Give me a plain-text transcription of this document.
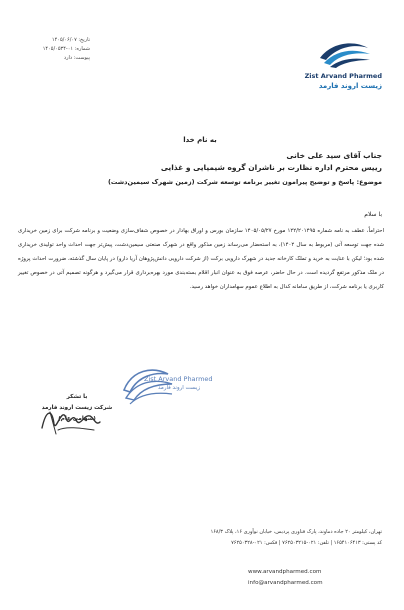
تاریخ: ۱۴۰۵/۰۶/۰۷
شماره: ۰۱-۱۴۰۵/۰۵۳۴
پیوست: دارد
Zist Arvand Pharmed
زیست اروند فارمد
به نام خدا
جناب آقای سید علی خانی
رییس محترم اداره نظارت بر ناشران گروه شیمیایی و غذایی
موضوع: پاسخ و توضیح پیرامون تغییر برنامه توسعه شرکت (زمین شهرک سیمین‌دشت)
با سلام
احتراماً، عطف به نامه شماره ۱۲۲/۲۰۱۴۹۵ مورخ ۱۴۰۵/۰۵/۲۷ سازمان بورس و اوراق بهادار در خصوص شفاف‌سازی وضعیت و برنامه شرکت برای زمین خریداری شده جهت توسعه آتی (مربوط به سال ۱۴۰۲)، به استحضار می‌رساند زمین مذکور واقع در شهرک صنعتی سیمین‌دشت، پیش‌تر جهت احداث واحد تولیدی خریداری شده بود؛ لیکن با عنایت به خرید و تملک کارخانه جدید در شهرک دارویی برکت (از شرکت دارویی دانش‌پژوهان آریا دارو) در پایان سال گذشته، ضرورت احداث پروژه در ملک مذکور مرتفع گردیده است. در حال حاضر، عرصه فوق به عنوان انبار اقلام بسته‌بندی مورد بهره‌برداری قرار می‌گیرد و هرگونه تصمیم آتی در خصوص تغییر کاربری یا برنامه شرکت، از طریق سامانه کدال به اطلاع عموم سهامداران خواهد رسید.
Zist Arvand Pharmed
زیست اروند فارمد
با تشکر
شرکت زیست اروند فارمد
(سهامی عام)
تهران، کیلومتر ۲۰ جاده دماوند، پارک فناوری پردیس، خیابان نوآوری ۱۶، پلاک ۱۶۸/۳
کد پستی: ۱۶۵۴۱۰۶۴۱۳ | تلفن: ۰۲۱-۷۶۲۵۰۳۲۱۵ | فکس: ۰۲۱-۷۶۲۵۰۳۲۸
www.arvandpharmed.com
info@arvandpharmed.com
